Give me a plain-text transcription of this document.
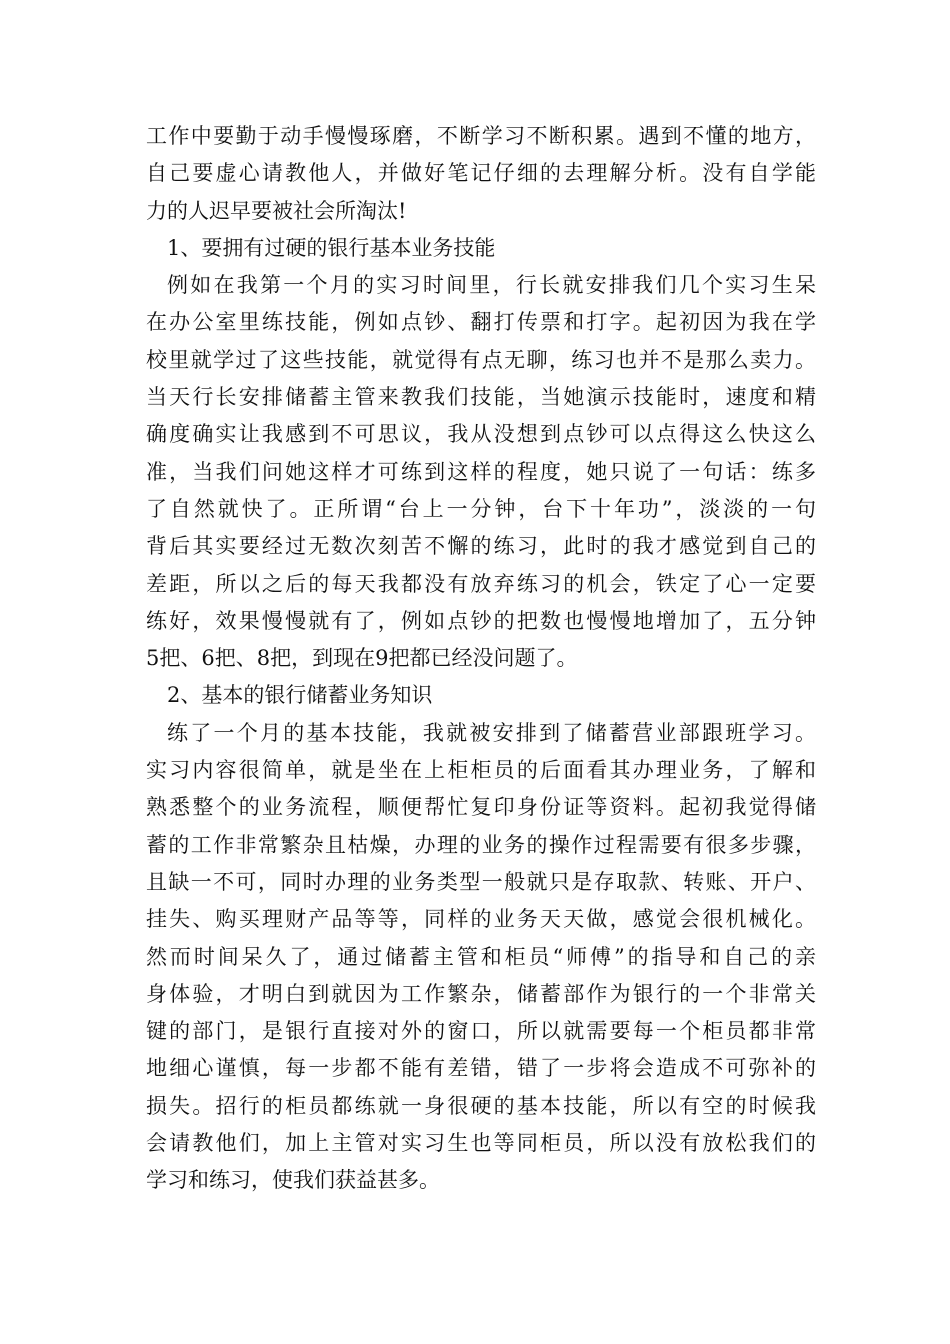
工作中要勤于动手慢慢琢磨，不断学习不断积累。遇到不懂的地方，
自己要虚心请教他人，并做好笔记仔细的去理解分析。没有自学能
力的人迟早要被社会所淘汰!
1、要拥有过硬的银行基本业务技能
例如在我第一个月的实习时间里，行长就安排我们几个实习生呆
在办公室里练技能，例如点钞、翻打传票和打字。起初因为我在学
校里就学过了这些技能，就觉得有点无聊，练习也并不是那么卖力。
当天行长安排储蓄主管来教我们技能，当她演示技能时，速度和精
确度确实让我感到不可思议，我从没想到点钞可以点得这么快这么
准，当我们问她这样才可练到这样的程度，她只说了一句话：练多
了自然就快了。正所谓“台上一分钟，台下十年功”，淡淡的一句
背后其实要经过无数次刻苦不懈的练习，此时的我才感觉到自己的
差距，所以之后的每天我都没有放弃练习的机会，铁定了心一定要
练好，效果慢慢就有了，例如点钞的把数也慢慢地增加了，五分钟
5把、6把、8把，到现在9把都已经没问题了。
2、基本的银行储蓄业务知识
练了一个月的基本技能，我就被安排到了储蓄营业部跟班学习。
实习内容很简单，就是坐在上柜柜员的后面看其办理业务，了解和
熟悉整个的业务流程，顺便帮忙复印身份证等资料。起初我觉得储
蓄的工作非常繁杂且枯燥，办理的业务的操作过程需要有很多步骤，
且缺一不可，同时办理的业务类型一般就只是存取款、转账、开户、
挂失、购买理财产品等等，同样的业务天天做，感觉会很机械化。
然而时间呆久了，通过储蓄主管和柜员“师傅”的指导和自己的亲
身体验，才明白到就因为工作繁杂，储蓄部作为银行的一个非常关
键的部门，是银行直接对外的窗口，所以就需要每一个柜员都非常
地细心谨慎，每一步都不能有差错，错了一步将会造成不可弥补的
损失。招行的柜员都练就一身很硬的基本技能，所以有空的时候我
会请教他们，加上主管对实习生也等同柜员，所以没有放松我们的
学习和练习，使我们获益甚多。
